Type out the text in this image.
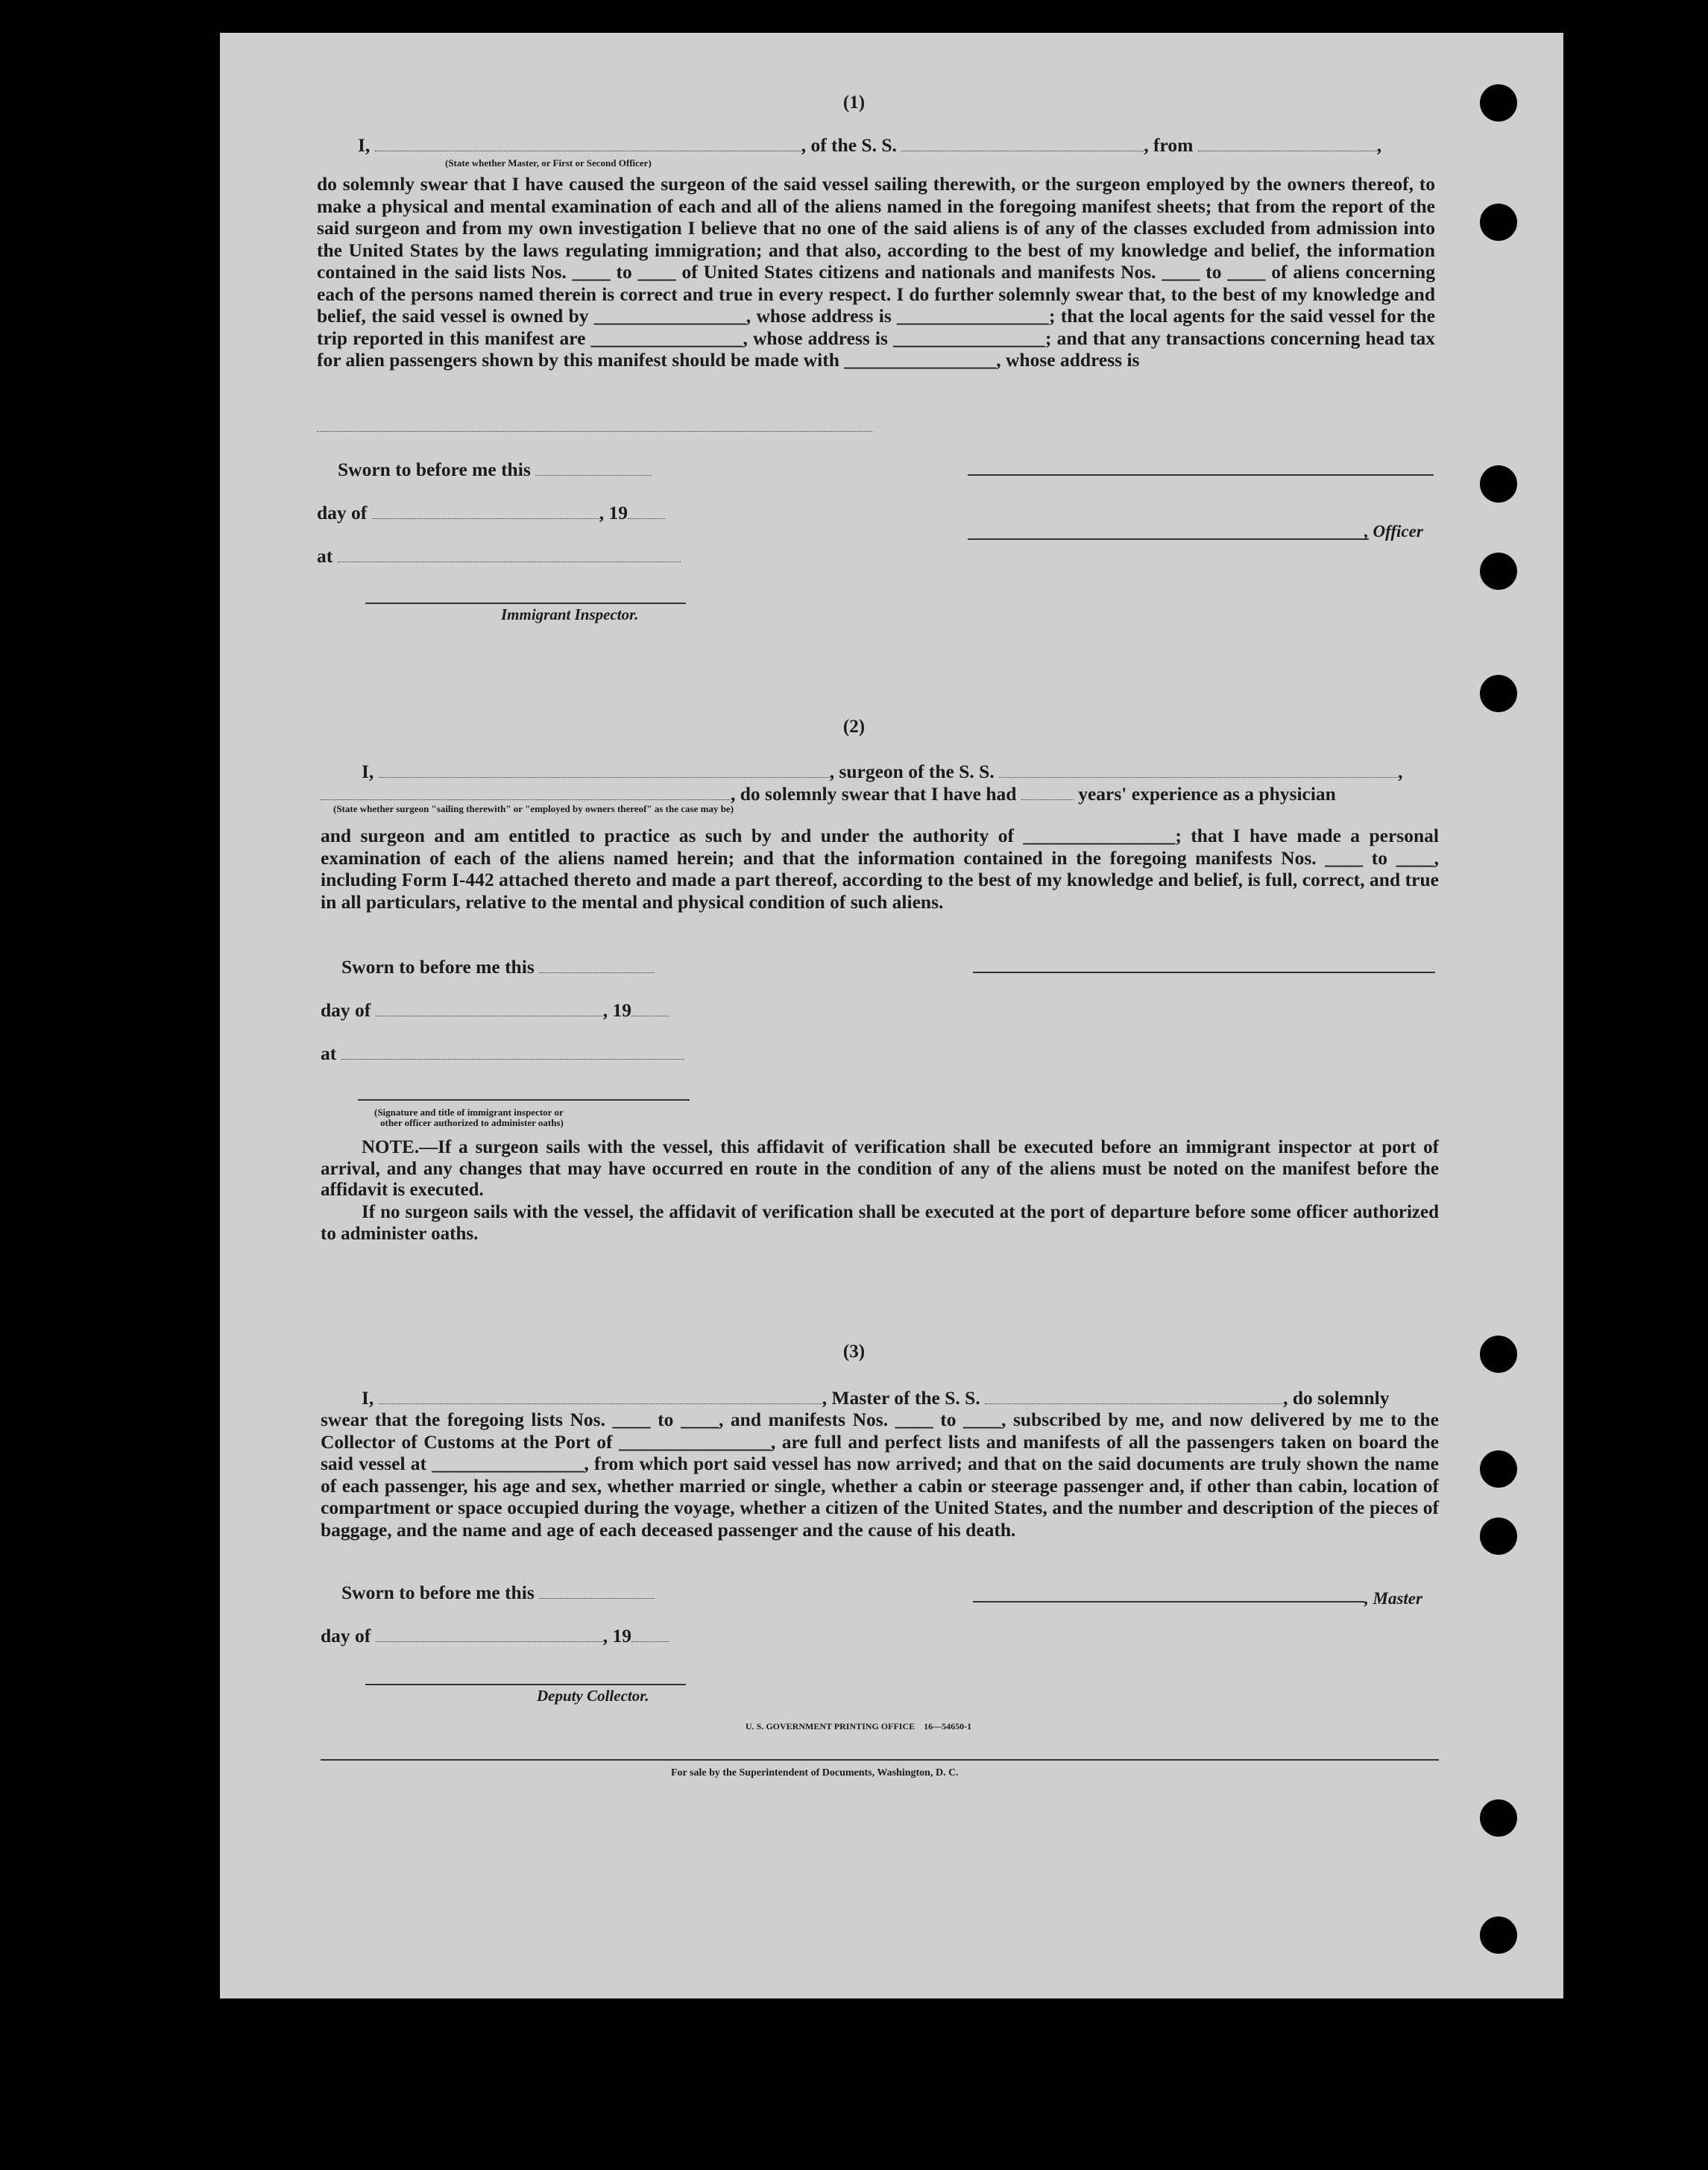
(1)
I,	, of the S. S.	, from	,
(State whether Master, or First or Second Officer)

do solemnly swear that I have caused the surgeon of the said vessel sailing therewith, or the surgeon employed by the owners thereof, to make a physical and mental examination of each and all of the aliens named in the foregoing manifest sheets; that from the report of the said surgeon and from my own investigation I believe that no one of the said aliens is of any of the classes excluded from admission into the United States by the laws regulating immigration; and that also, according to the best of my knowledge and belief, the information contained in the said lists Nos. ____ to ____ of United States citizens and nationals and manifests Nos. ____ to ____ of aliens concerning each of the persons named therein is correct and true in every respect. I do further solemnly swear that, to the best of my knowledge and belief, the said vessel is owned by ________________, whose address is ________________; that the local agents for the said vessel for the trip reported in this manifest are ________________, whose address is ________________; and that any transactions concerning head tax for alien passengers shown by this manifest should be made with ________________, whose address is

Sworn to before me this
day of	, 19
at
Immigrant Inspector.
, Officer
(2)
I,	, surgeon of the S. S.	,
, do solemnly swear that I have had	years' experience as a physician
(State whether surgeon "sailing therewith" or "employed by owners thereof" as the case may be)

and surgeon and am entitled to practice as such by and under the authority of ________________; that I have made a personal examination of each of the aliens named herein; and that the information contained in the foregoing manifests Nos. ____ to ____, including Form I-442 attached thereto and made a part thereof, according to the best of my knowledge and belief, is full, correct, and true in all particulars, relative to the mental and physical condition of such aliens.

Sworn to before me this
day of	, 19
at
(Signature and title of immigrant inspector or
other officer authorized to administer oaths)

NOTE.—If a surgeon sails with the vessel, this affidavit of verification shall be executed before an immigrant inspector at port of arrival, and any changes that may have occurred en route in the condition of any of the aliens must be noted on the manifest before the affidavit is executed.

If no surgeon sails with the vessel, the affidavit of verification shall be executed at the port of departure before some officer authorized to administer oaths.

(3)
I,	, Master of the S. S.	, do solemnly

swear that the foregoing lists Nos. ____ to ____, and manifests Nos. ____ to ____, subscribed by me, and now delivered by me to the Collector of Customs at the Port of ________________, are full and perfect lists and manifests of all the passengers taken on board the said vessel at ________________, from which port said vessel has now arrived; and that on the said documents are truly shown the name of each passenger, his age and sex, whether married or single, whether a cabin or steerage passenger and, if other than cabin, location of compartment or space occupied during the voyage, whether a citizen of the United States, and the number and description of the pieces of baggage, and the name and age of each deceased passenger and the cause of his death.

Sworn to before me this
day of	, 19
, Master
Deputy Collector.
U. S. GOVERNMENT PRINTING OFFICE    16—54650-1
For sale by the Superintendent of Documents, Washington, D. C.
